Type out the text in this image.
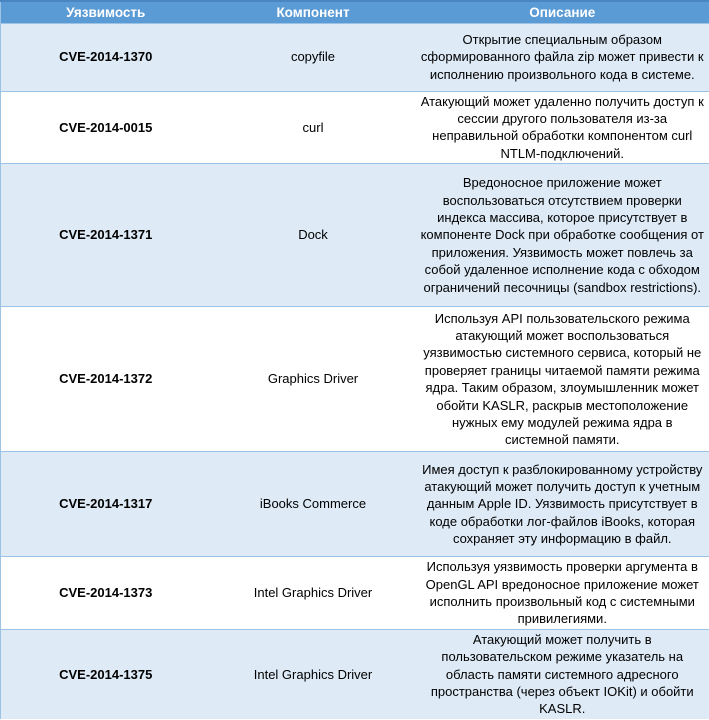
Уязвимость	Компонент	Описание
CVE-2014-1370	copyfile	Открытие специальным образом сформированного файла zip может привести к исполнению произвольного кода в системе.
CVE-2014-0015	curl	Атакующий может удаленно получить доступ к сессии другого пользователя из-за неправильной обработки компонентом curl NTLM-подключений.
CVE-2014-1371	Dock	Вредоносное приложение может воспользоваться отсутствием проверки индекса массива, которое присутствует в компоненте Dock при обработке сообщения от приложения. Уязвимость может повлечь за собой удаленное исполнение кода с обходом ограничений песочницы (sandbox restrictions).
CVE-2014-1372	Graphics Driver	Используя API пользовательского режима атакующий может воспользоваться уязвимостью системного сервиса, который не проверяет границы читаемой памяти режима ядра. Таким образом, злоумышленник может обойти KASLR, раскрыв местоположение нужных ему модулей режима ядра в системной памяти.
CVE-2014-1317	iBooks Commerce	Имея доступ к разблокированному устройству атакующий может получить доступ к учетным данным Apple ID. Уязвимость присутствует в коде обработки лог-файлов iBooks, которая сохраняет эту информацию в файл.
CVE-2014-1373	Intel Graphics Driver	Используя уязвимость проверки аргумента в OpenGL API вредоносное приложение может исполнить произвольный код с системными привилегиями.
CVE-2014-1375	Intel Graphics Driver	Атакующий может получить в пользовательском режиме указатель на область памяти системного адресного пространства (через объект IOKit) и обойти KASLR.
